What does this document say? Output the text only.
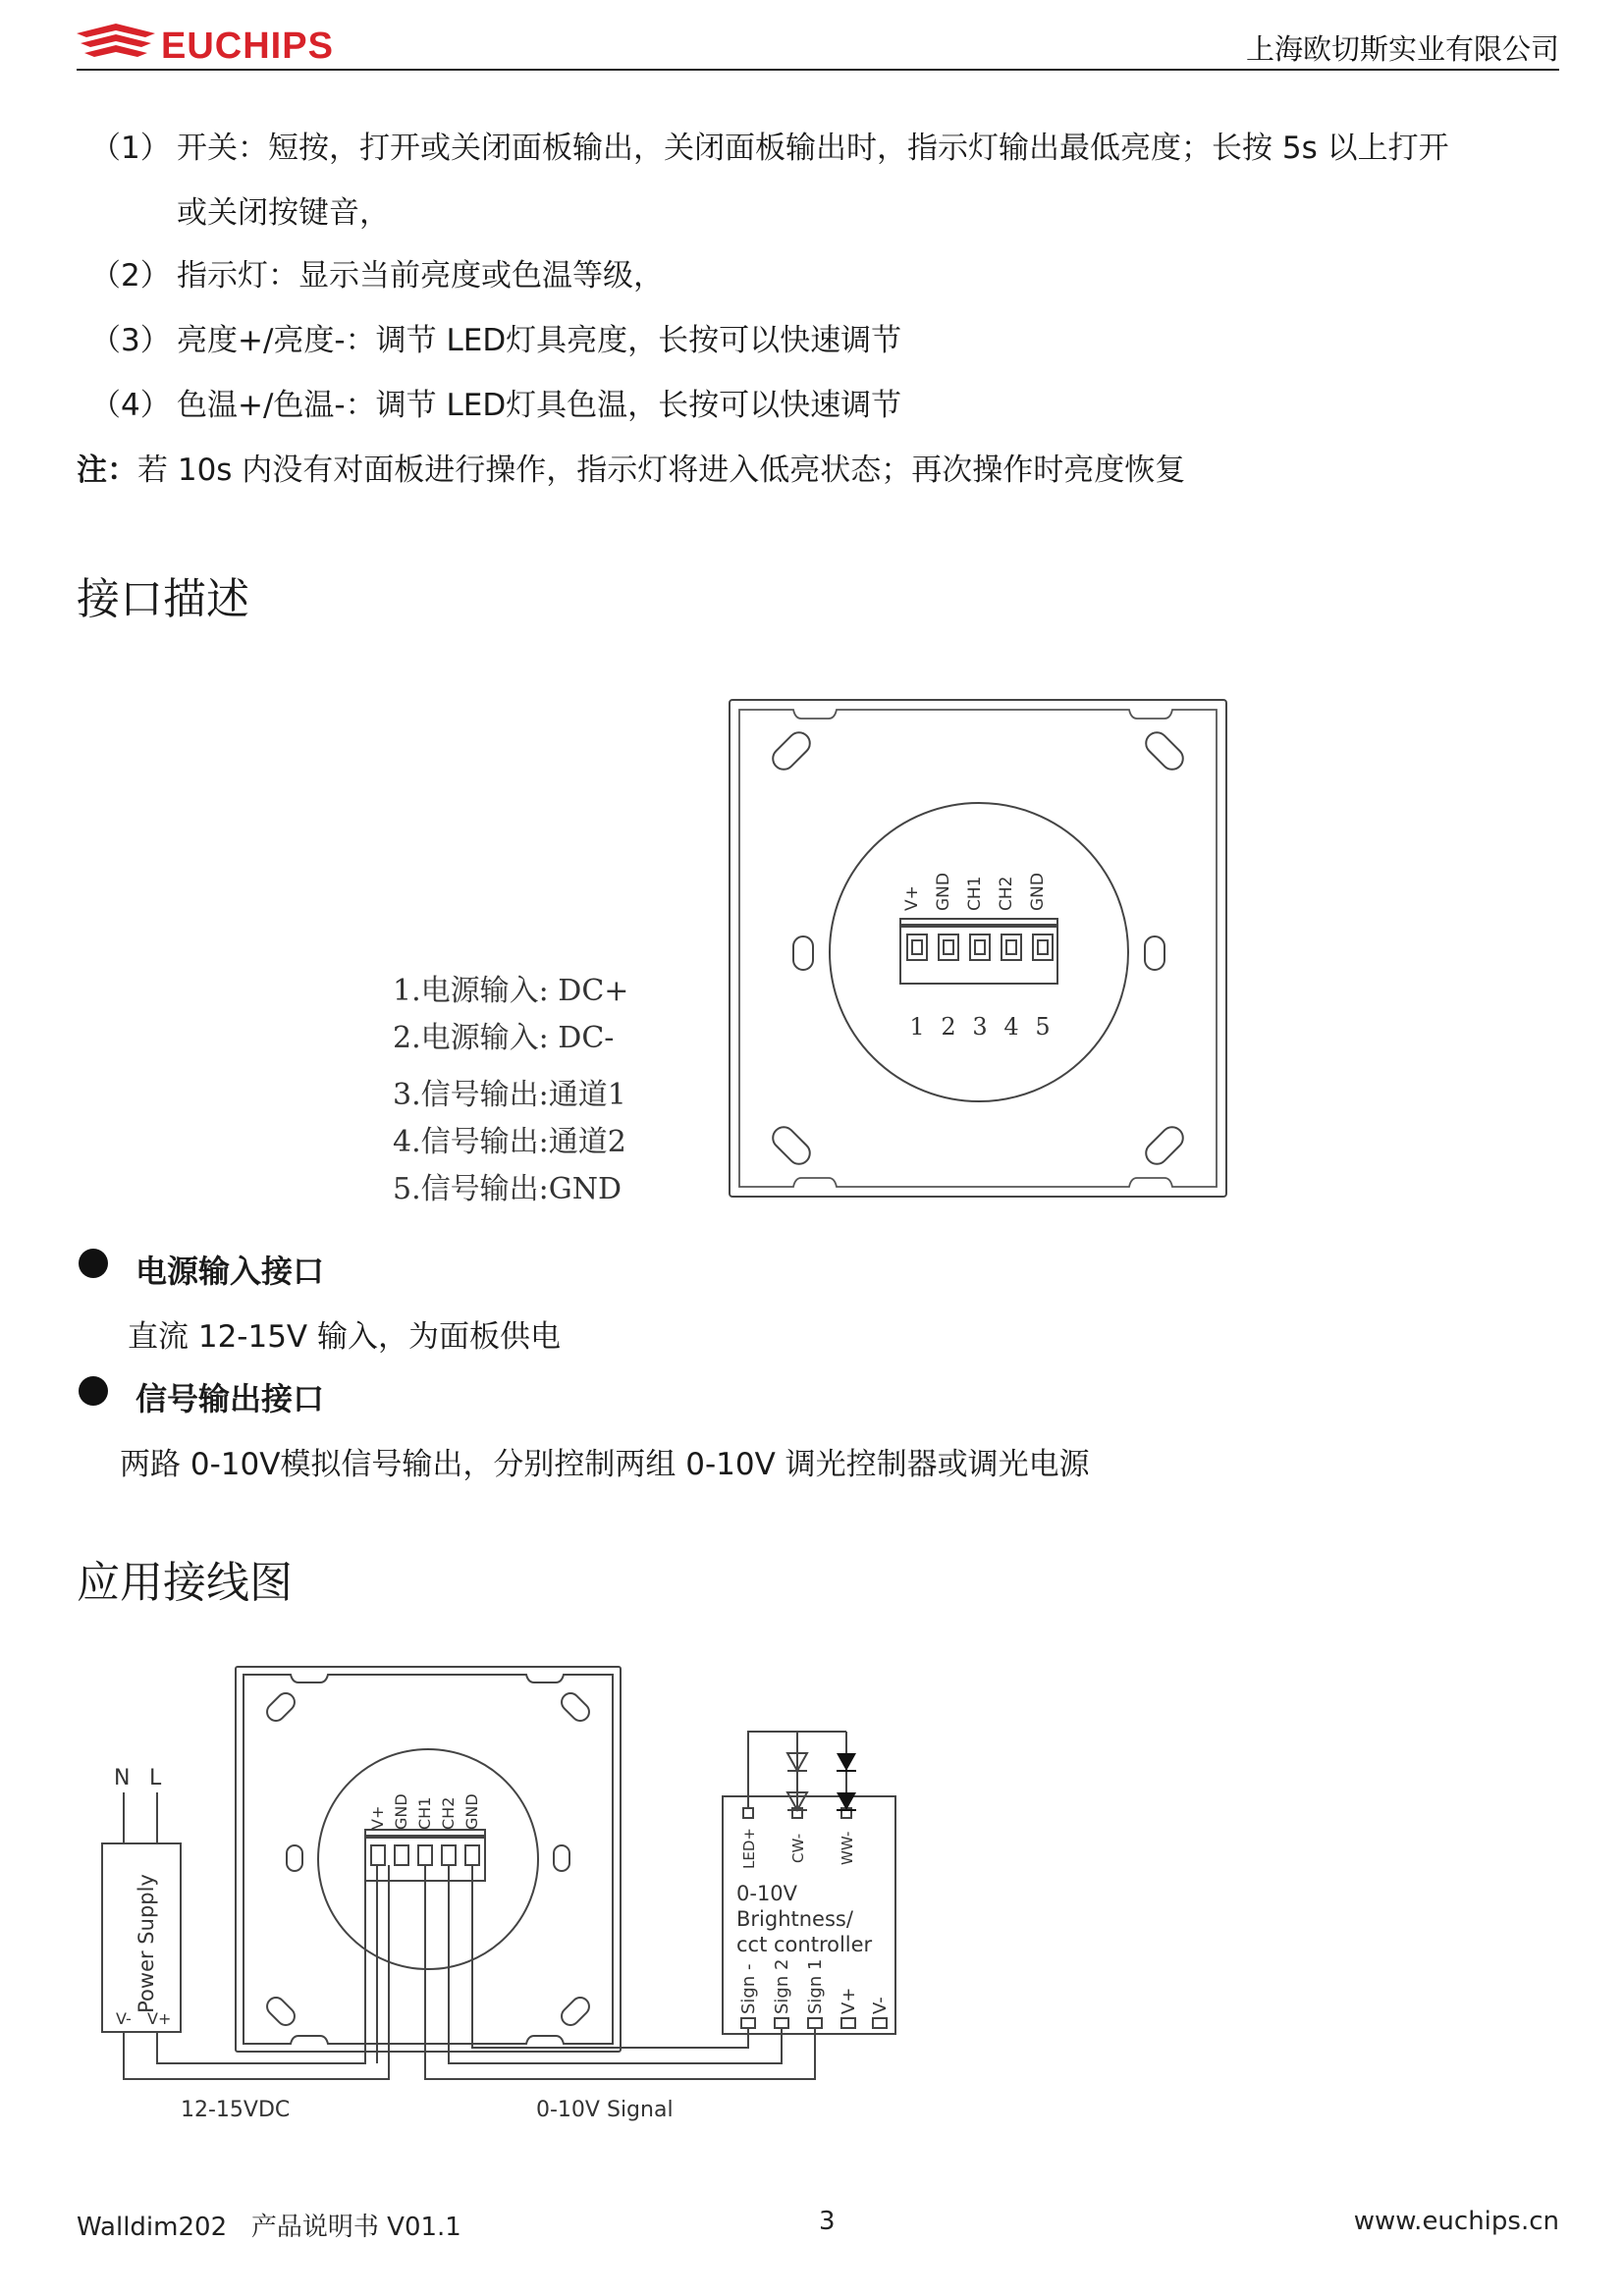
EUCHIPS	上海欧切斯实业有限公司
（1） 开关：短按，打开或关闭面板输出，关闭面板输出时，指示灯输出最低亮度；长按 5s 以上打开
或关闭按键音，
（2） 指示灯：显示当前亮度或色温等级，
（3） 亮度+/亮度-：调节 LED灯具亮度，长按可以快速调节
（4） 色温+/色温-：调节 LED灯具色温，长按可以快速调节
注：若 10s 内没有对面板进行操作，指示灯将进入低亮状态；再次操作时亮度恢复
接口描述
1.电源输入: DC+
2.电源输入: DC-
3.信号输出:通道1
4.信号输出:通道2
5.信号输出:GND
V+ GND CH1 CH2 GND
1 2 3 4 5
电源输入接口
直流 12-15V 输入，为面板供电
信号输出接口
两路 0-10V模拟信号输出，分别控制两组 0-10V 调光控制器或调光电源
应用接线图
Power Supply
V- V+
N L
V+ GND CH1 CH2 GND
LED+ CW- WW-
0-10V
Brightness/
cct controller
Sign - Sign 2 Sign 1 V+ V-
12-15VDC	0-10V Signal
Walldim202 产品说明书 V01.1	3	www.euchips.cn
